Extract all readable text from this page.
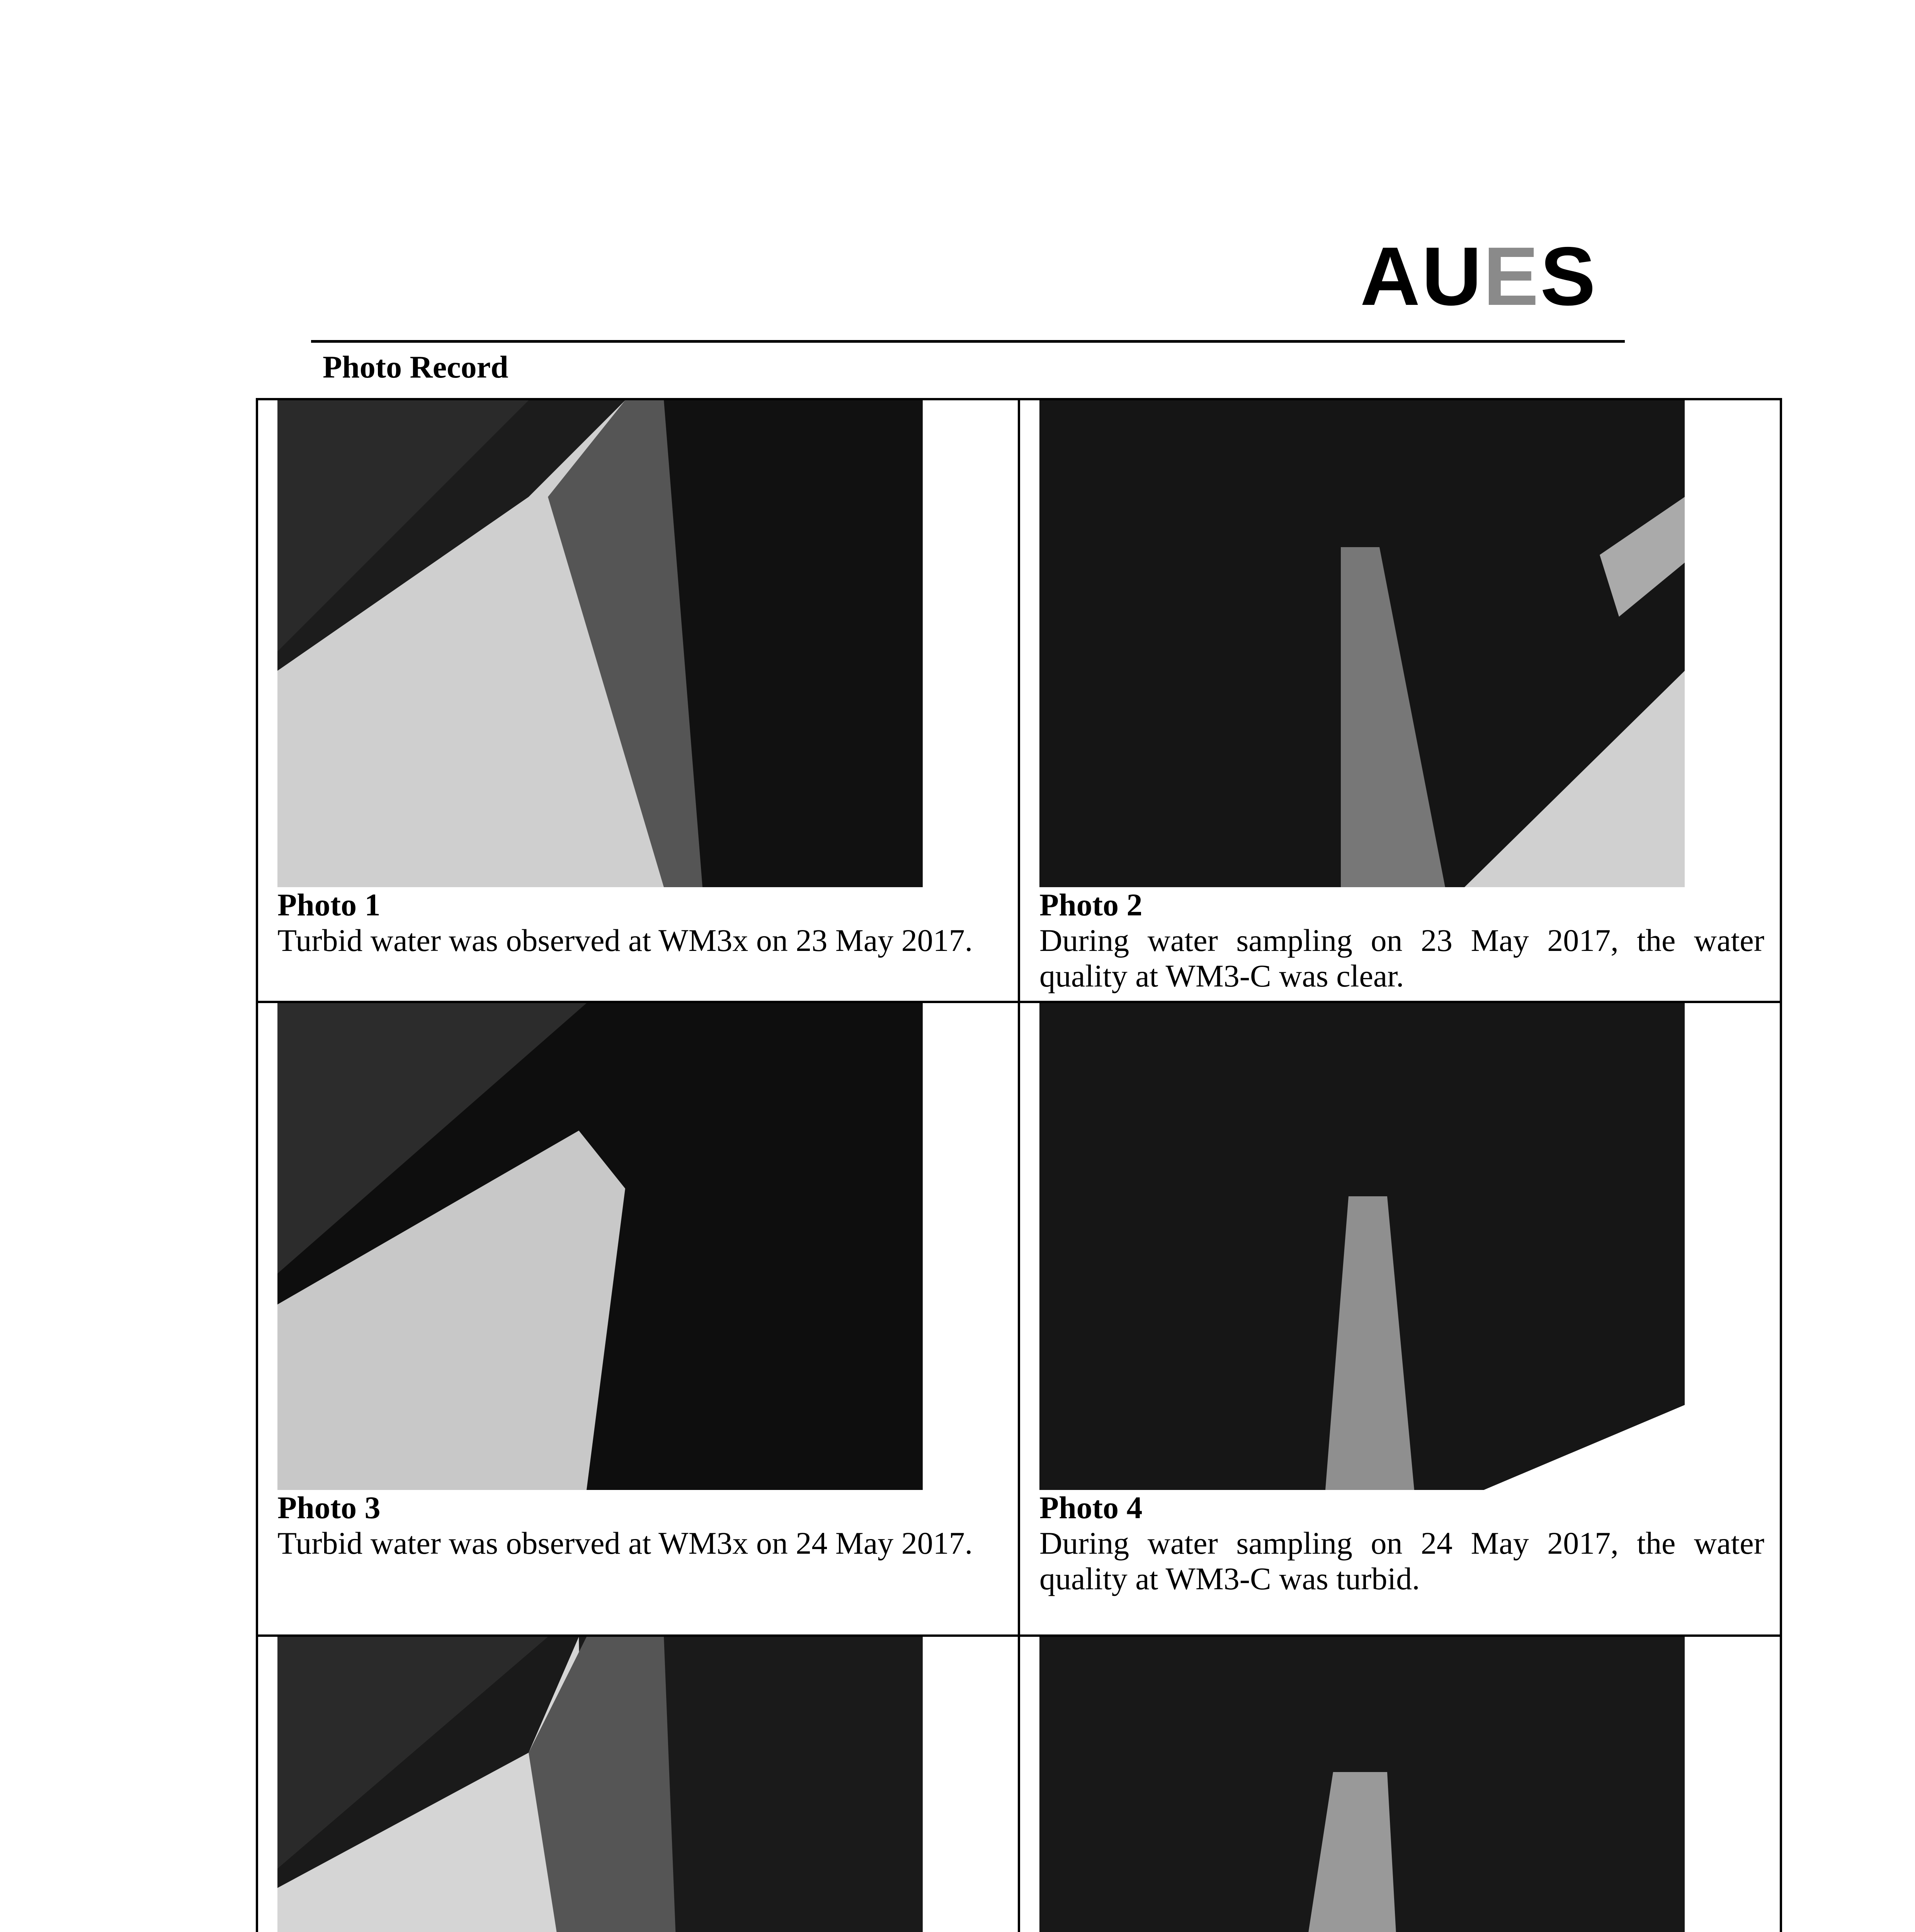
AUES
Photo Record
Photo 1
Turbid water was observed at WM3x on 23 May 2017.	Photo 2
During water sampling on 23 May 2017, the water quality at WM3-C was clear.

Photo 3
Turbid water was observed at WM3x on 24 May 2017.	Photo 4
During water sampling on 24 May 2017, the water quality at WM3-C was turbid.
